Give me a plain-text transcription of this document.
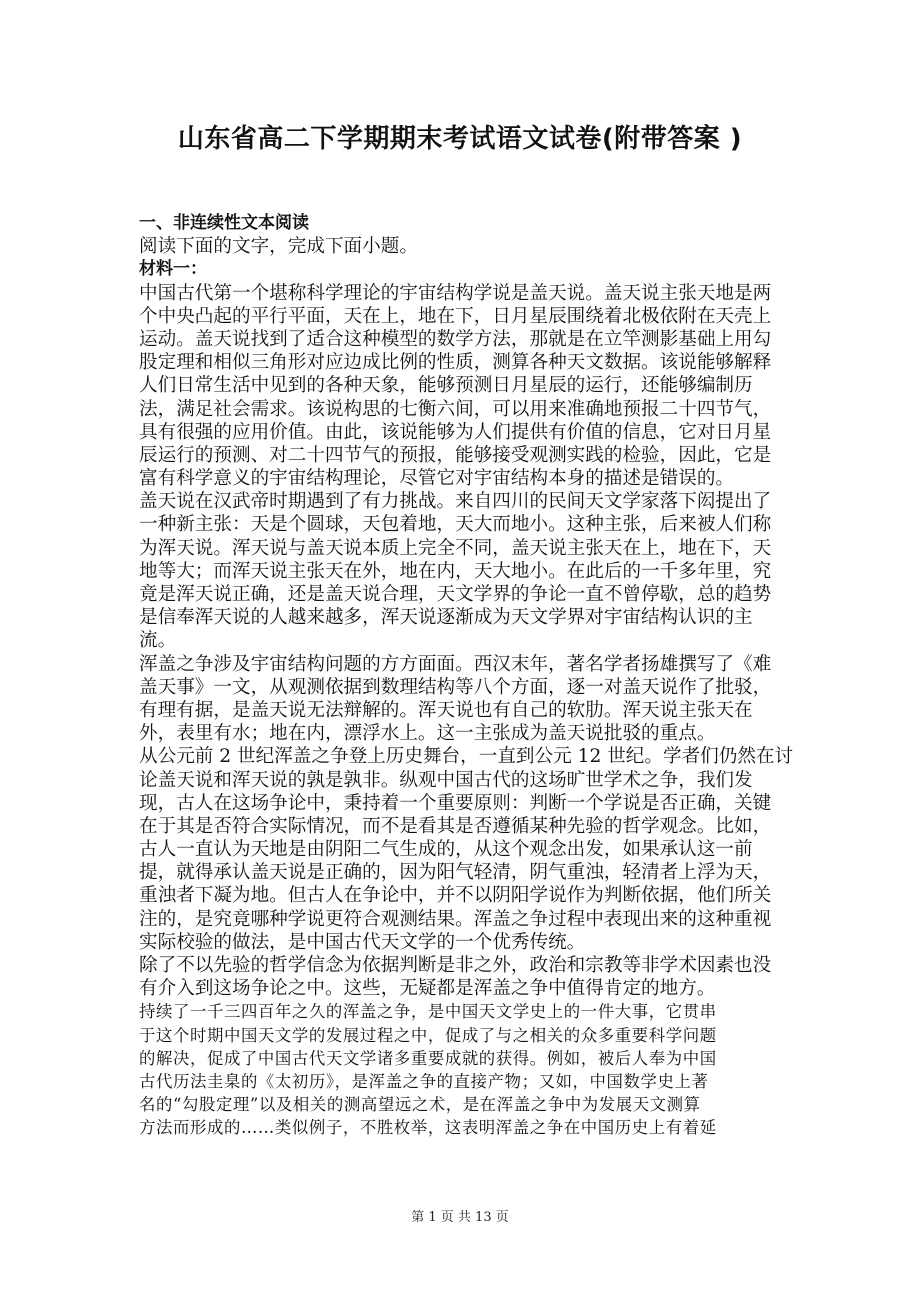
山东省高二下学期期末考试语文试卷(附带答案 )
一、非连续性文本阅读
阅读下面的文字，完成下面小题。
材料一：
中国古代第一个堪称科学理论的宇宙结构学说是盖天说。盖天说主张天地是两
个中央凸起的平行平面，天在上，地在下，日月星辰围绕着北极依附在天壳上
运动。盖天说找到了适合这种模型的数学方法，那就是在立竿测影基础上用勾
股定理和相似三角形对应边成比例的性质，测算各种天文数据。该说能够解释
人们日常生活中见到的各种天象，能够预测日月星辰的运行，还能够编制历
法，满足社会需求。该说构思的七衡六间，可以用来准确地预报二十四节气，
具有很强的应用价值。由此，该说能够为人们提供有价值的信息，它对日月星
辰运行的预测、对二十四节气的预报，能够接受观测实践的检验，因此，它是
富有科学意义的宇宙结构理论，尽管它对宇宙结构本身的描述是错误的。
盖天说在汉武帝时期遇到了有力挑战。来自四川的民间天文学家落下闳提出了
一种新主张：天是个圆球，天包着地，天大而地小。这种主张，后来被人们称
为浑天说。浑天说与盖天说本质上完全不同，盖天说主张天在上，地在下，天
地等大；而浑天说主张天在外，地在内，天大地小。在此后的一千多年里，究
竟是浑天说正确，还是盖天说合理，天文学界的争论一直不曾停歇，总的趋势
是信奉浑天说的人越来越多，浑天说逐渐成为天文学界对宇宙结构认识的主
流。
浑盖之争涉及宇宙结构问题的方方面面。西汉末年，著名学者扬雄撰写了《难
盖天事》一文，从观测依据到数理结构等八个方面，逐一对盖天说作了批驳，
有理有据，是盖天说无法辩解的。浑天说也有自己的软肋。浑天说主张天在
外，表里有水；地在内，漂浮水上。这一主张成为盖天说批驳的重点。
从公元前 2 世纪浑盖之争登上历史舞台，一直到公元 12 世纪。学者们仍然在讨
论盖天说和浑天说的孰是孰非。纵观中国古代的这场旷世学术之争，我们发
现，古人在这场争论中，秉持着一个重要原则：判断一个学说是否正确，关键
在于其是否符合实际情况，而不是看其是否遵循某种先验的哲学观念。比如，
古人一直认为天地是由阴阳二气生成的，从这个观念出发，如果承认这一前
提，就得承认盖天说是正确的，因为阳气轻清，阴气重浊，轻清者上浮为天，
重浊者下凝为地。但古人在争论中，并不以阴阳学说作为判断依据，他们所关
注的，是究竟哪种学说更符合观测结果。浑盖之争过程中表现出来的这种重视
实际校验的做法，是中国古代天文学的一个优秀传统。
除了不以先验的哲学信念为依据判断是非之外，政治和宗教等非学术因素也没
有介入到这场争论之中。这些，无疑都是浑盖之争中值得肯定的地方。
持续了一千三四百年之久的浑盖之争，是中国天文学史上的一件大事，它贯串
于这个时期中国天文学的发展过程之中，促成了与之相关的众多重要科学问题
的解决，促成了中国古代天文学诸多重要成就的获得。例如，被后人奉为中国
古代历法圭臬的《太初历》，是浑盖之争的直接产物；又如，中国数学史上著
名的“勾股定理”以及相关的测高望远之术，是在浑盖之争中为发展天文测算
方法而形成的……类似例子，不胜枚举，这表明浑盖之争在中国历史上有着延
第 1 页 共 13 页
